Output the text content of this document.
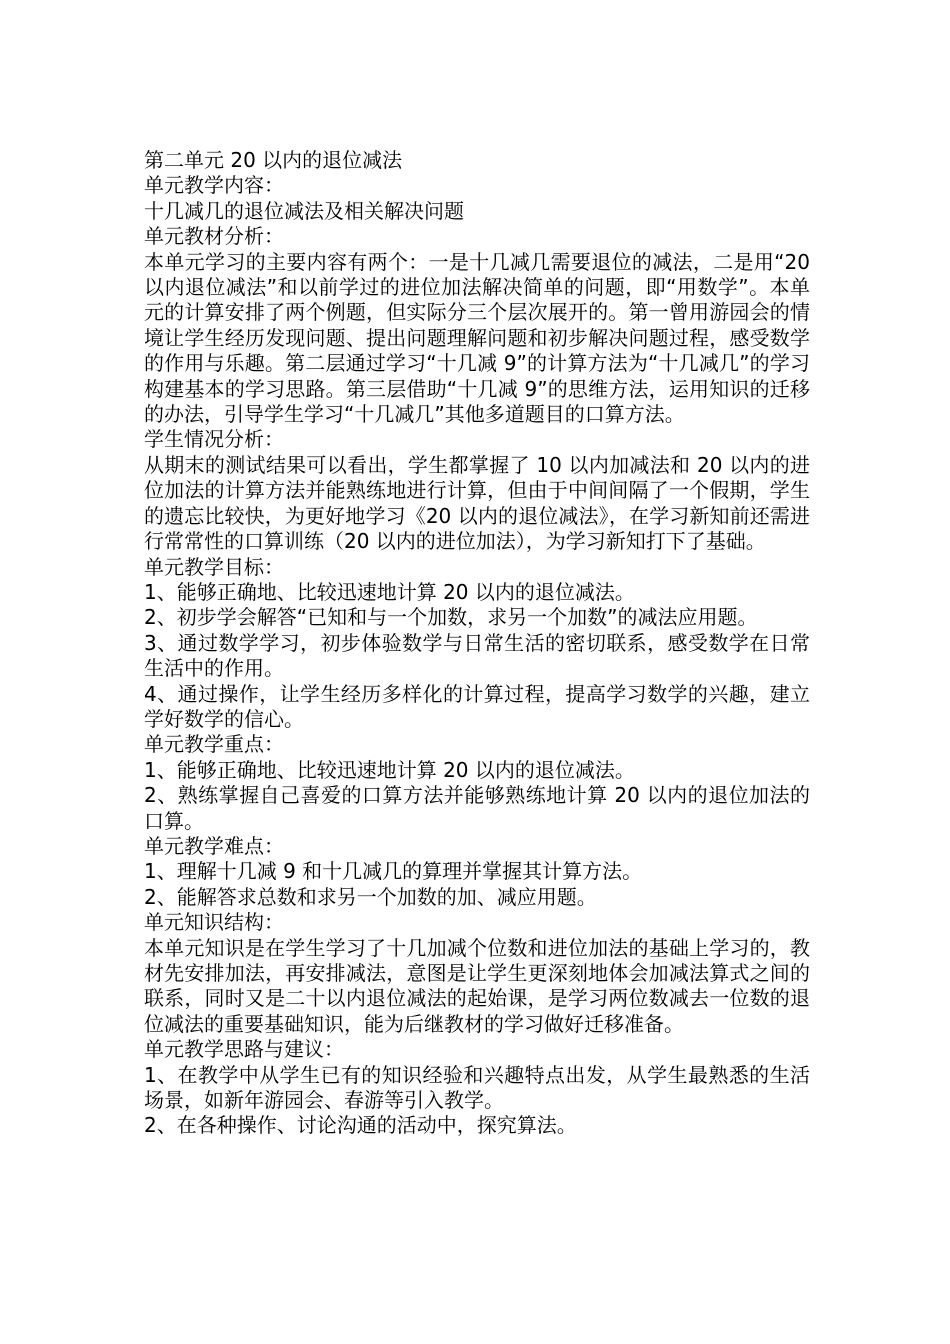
第二单元 20 以内的退位减法

单元教学内容：

十几减几的退位减法及相关解决问题

单元教材分析：

本单元学习的主要内容有两个：一是十几减几需要退位的减法，二是用“20 以内退位减法”和以前学过的进位加法解决简单的问题，即“用数学”。本单元的计算安排了两个例题，但实际分三个层次展开的。第一曾用游园会的情境让学生经历发现问题、提出问题理解问题和初步解决问题过程，感受数学的作用与乐趣。第二层通过学习“十几减 9”的计算方法为“十几减几”的学习构建基本的学习思路。第三层借助“十几减 9”的思维方法，运用知识的迁移的办法，引导学生学习“十几减几”其他多道题目的口算方法。

学生情况分析：

从期末的测试结果可以看出，学生都掌握了 10 以内加减法和 20 以内的进位加法的计算方法并能熟练地进行计算，但由于中间间隔了一个假期，学生的遗忘比较快，为更好地学习《20 以内的退位减法》，在学习新知前还需进行常常性的口算训练（20 以内的进位加法），为学习新知打下了基础。

单元教学目标：

1、能够正确地、比较迅速地计算 20 以内的退位减法。

2、初步学会解答“已知和与一个加数，求另一个加数”的减法应用题。

3、通过数学学习，初步体验数学与日常生活的密切联系，感受数学在日常生活中的作用。

4、通过操作，让学生经历多样化的计算过程，提高学习数学的兴趣，建立学好数学的信心。

单元教学重点：

1、能够正确地、比较迅速地计算 20 以内的退位减法。

2、熟练掌握自己喜爱的口算方法并能够熟练地计算 20 以内的退位加法的口算。

单元教学难点：

1、理解十几减 9 和十几减几的算理并掌握其计算方法。

2、能解答求总数和求另一个加数的加、减应用题。

单元知识结构：

本单元知识是在学生学习了十几加减个位数和进位加法的基础上学习的，教材先安排加法，再安排减法，意图是让学生更深刻地体会加减法算式之间的联系，同时又是二十以内退位减法的起始课，是学习两位数减去一位数的退位减法的重要基础知识，能为后继教材的学习做好迁移准备。

单元教学思路与建议：

1、在教学中从学生已有的知识经验和兴趣特点出发，从学生最熟悉的生活场景，如新年游园会、春游等引入教学。

2、在各种操作、讨论沟通的活动中，探究算法。
